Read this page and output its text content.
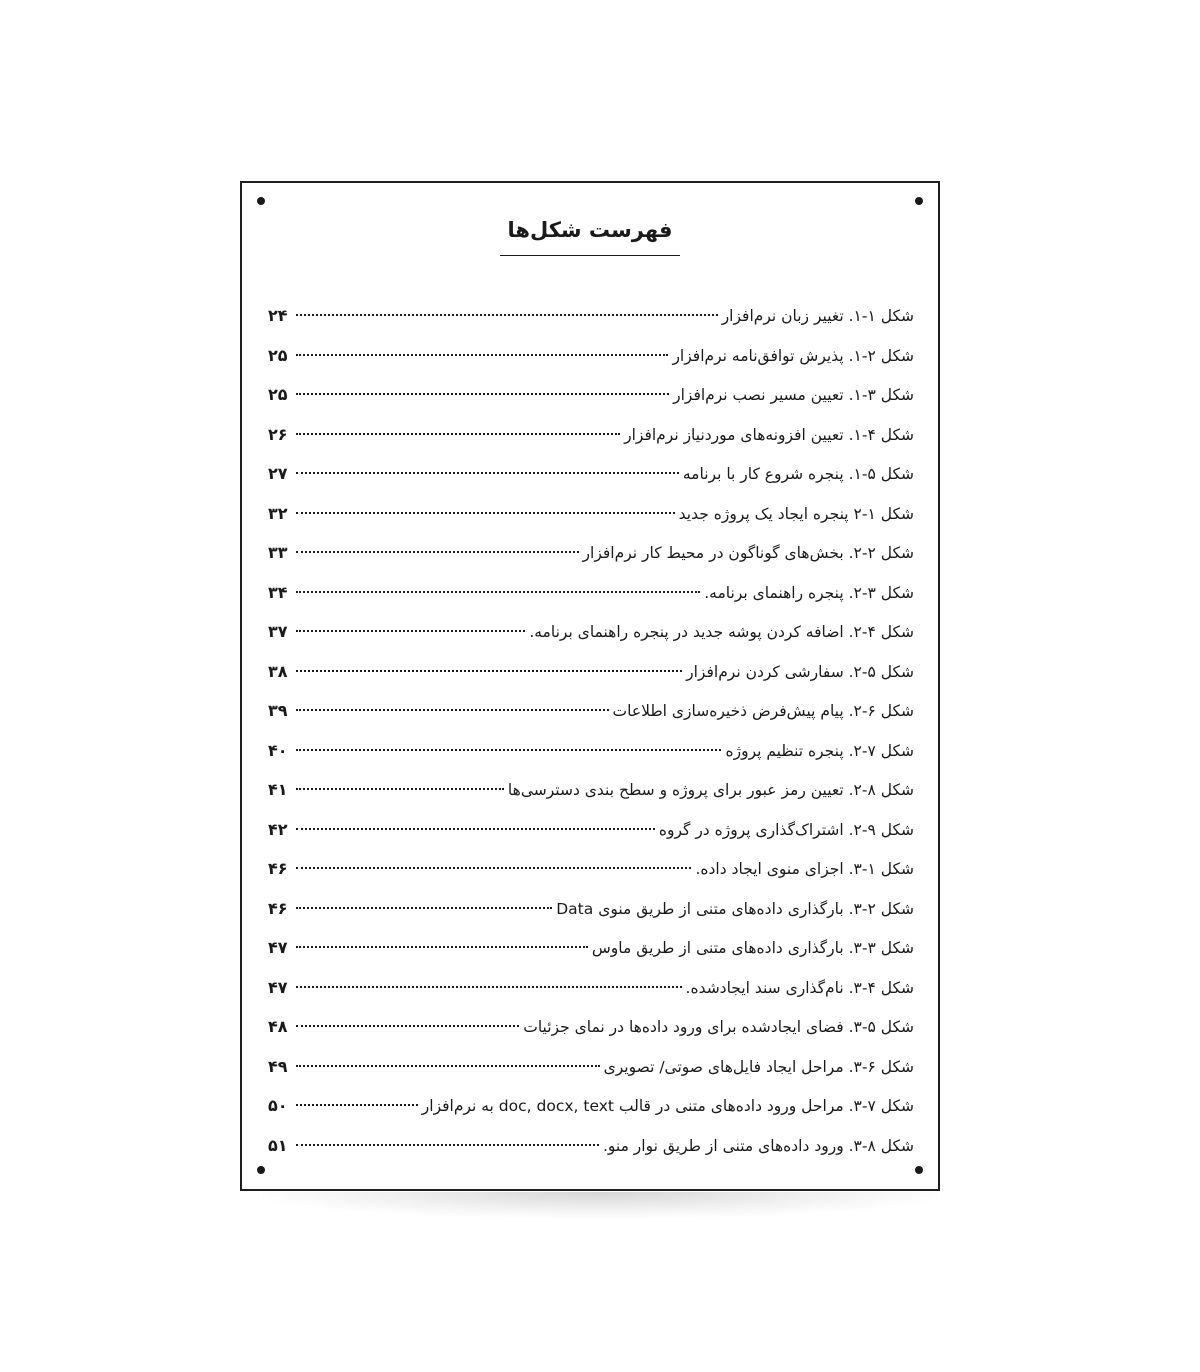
فهرست شکل‌ها
شکل ۱-۱. تغییر زبان نرم‌افزار
۲۴
شکل ۲-۱. پذیرش توافق‌نامه نرم‌افزار
۲۵
شکل ۳-۱. تعیین مسیر نصب نرم‌افزار
۲۵
شکل ۴-۱. تعیین افزونه‌های موردنیاز نرم‌افزار
۲۶
شکل ۵-۱. پنجره شروع کار با برنامه
۲۷
شکل ۱-۲ پنجره ایجاد یک پروژه جدید
۳۲
شکل ۲-۲. بخش‌های گوناگون در محیط کار نرم‌افزار
۳۳
شکل ۳-۲. پنجره راهنمای برنامه.
۳۴
شکل ۴-۲. اضافه کردن پوشه جدید در پنجره راهنمای برنامه.
۳۷
شکل ۵-۲. سفارشی کردن نرم‌افزار
۳۸
شکل ۶-۲. پیام پیش‌فرض ذخیره‌سازی اطلاعات
۳۹
شکل ۷-۲. پنجره تنظیم پروژه
۴۰
شکل ۸-۲. تعیین رمز عبور برای پروژه و سطح بندی دسترسی‌ها
۴۱
شکل ۹-۲. اشتراک‌گذاری پروژه در گروه
۴۲
شکل ۱-۳. اجزای منوی ایجاد داده.
۴۶
شکل ۲-۳. بارگذاری داده‌های متنی از طریق منوی Data
۴۶
شکل ۳-۳. بارگذاری داده‌های متنی از طریق ماوس
۴۷
شکل ۴-۳. نام‌گذاری سند ایجادشده.
۴۷
شکل ۵-۳. فضای ایجادشده برای ورود داده‌ها در نمای جزئیات
۴۸
شکل ۶-۳. مراحل ایجاد فایل‌های صوتی/ تصویری
۴۹
شکل ۷-۳. مراحل ورود داده‌های متنی در قالب doc, docx, text به نرم‌افزار
۵۰
شکل ۸-۳. ورود داده‌های متنی از طریق نوار منو.
۵۱
